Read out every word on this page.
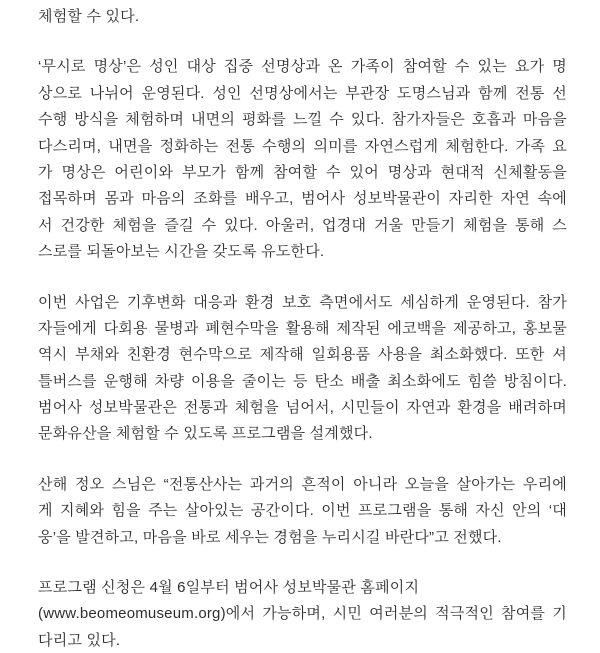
체험할 수 있다.
‘무시로 명상’은 성인 대상 집중 선명상과 온 가족이 참여할 수 있는 요가 명
상으로 나뉘어 운영된다. 성인 선명상에서는 부관장 도명스님과 함께 전통 선
수행 방식을 체험하며 내면의 평화를 느낄 수 있다. 참가자들은 호흡과 마음을
다스리며, 내면을 정화하는 전통 수행의 의미를 자연스럽게 체험한다. 가족 요
가 명상은 어린이와 부모가 함께 참여할 수 있어 명상과 현대적 신체활동을
접목하며 몸과 마음의 조화를 배우고, 범어사 성보박물관이 자리한 자연 속에
서 건강한 체험을 즐길 수 있다. 아울러, 업경대 거울 만들기 체험을 통해 스
스로를 되돌아보는 시간을 갖도록 유도한다.
이번 사업은 기후변화 대응과 환경 보호 측면에서도 세심하게 운영된다. 참가
자들에게 다회용 물병과 폐현수막을 활용해 제작된 에코백을 제공하고, 홍보물
역시 부채와 친환경 현수막으로 제작해 일회용품 사용을 최소화했다. 또한 셔
틀버스를 운행해 차량 이용을 줄이는 등 탄소 배출 최소화에도 힘쓸 방침이다.
범어사 성보박물관은 전통과 체험을 넘어서, 시민들이 자연과 환경을 배려하며
문화유산을 체험할 수 있도록 프로그램을 설계했다.
산해 정오 스님은 “전통산사는 과거의 흔적이 아니라 오늘을 살아가는 우리에
게 지혜와 힘을 주는 살아있는 공간이다. 이번 프로그램을 통해 자신 안의 ‘대
웅’을 발견하고, 마음을 바로 세우는 경험을 누리시길 바란다”고 전했다.
프로그램 신청은 4월 6일부터 범어사 성보박물관 홈페이지
(www.beomeomuseum.org)에서 가능하며, 시민 여러분의 적극적인 참여를 기
다리고 있다.
